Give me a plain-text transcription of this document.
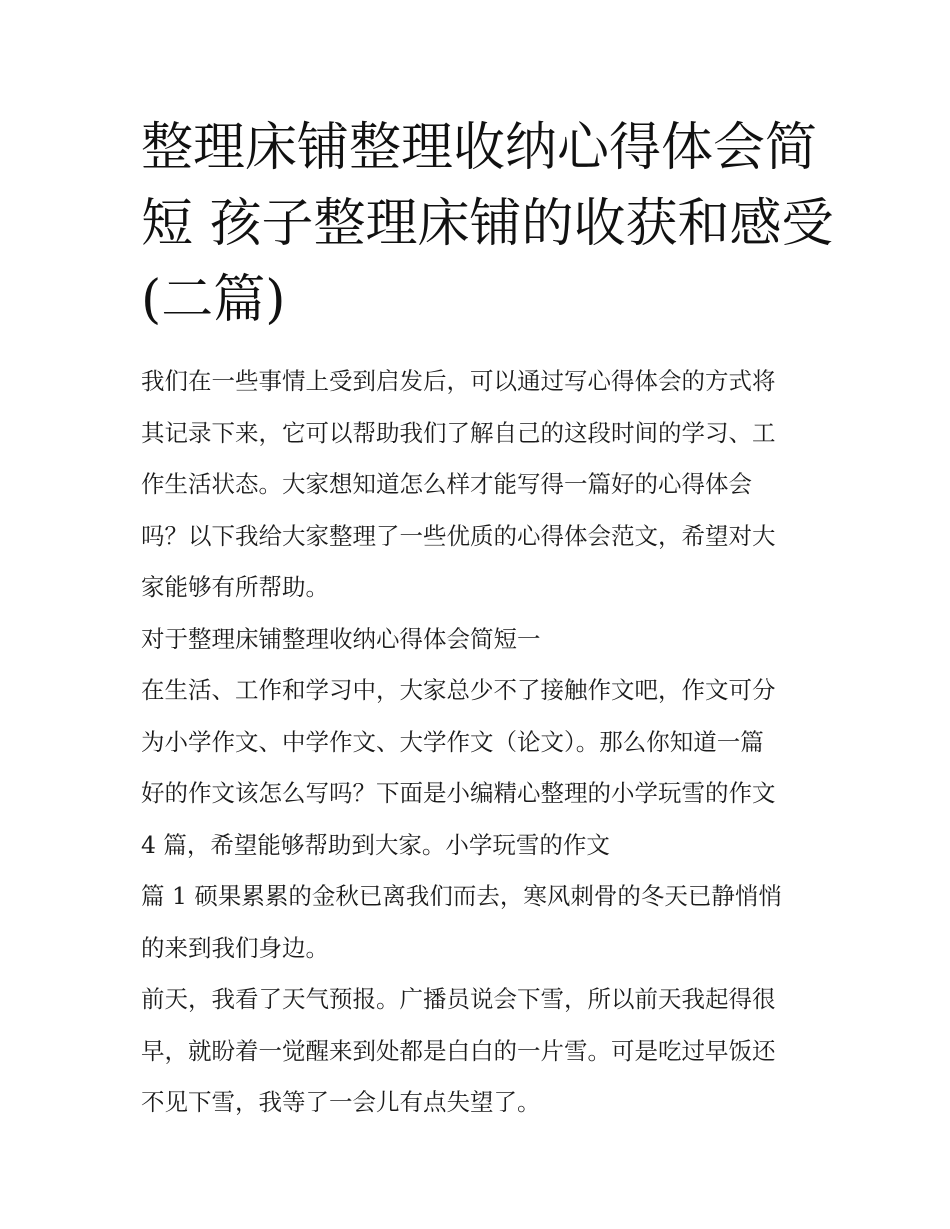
整理床铺整理收纳心得体会简
短 孩子整理床铺的收获和感受
(二篇)

我们在一些事情上受到启发后，可以通过写心得体会的方式将
其记录下来，它可以帮助我们了解自己的这段时间的学习、工
作生活状态。大家想知道怎么样才能写得一篇好的心得体会
吗？以下我给大家整理了一些优质的心得体会范文，希望对大
家能够有所帮助。

对于整理床铺整理收纳心得体会简短一

在生活、工作和学习中，大家总少不了接触作文吧，作文可分
为小学作文、中学作文、大学作文（论文）。那么你知道一篇
好的作文该怎么写吗？下面是小编精心整理的小学玩雪的作文
4 篇，希望能够帮助到大家。小学玩雪的作文

篇 1 硕果累累的金秋已离我们而去，寒风刺骨的冬天已静悄悄
的来到我们身边。

前天，我看了天气预报。广播员说会下雪，所以前天我起得很
早，就盼着一觉醒来到处都是白白的一片雪。可是吃过早饭还
不见下雪，我等了一会儿有点失望了。
